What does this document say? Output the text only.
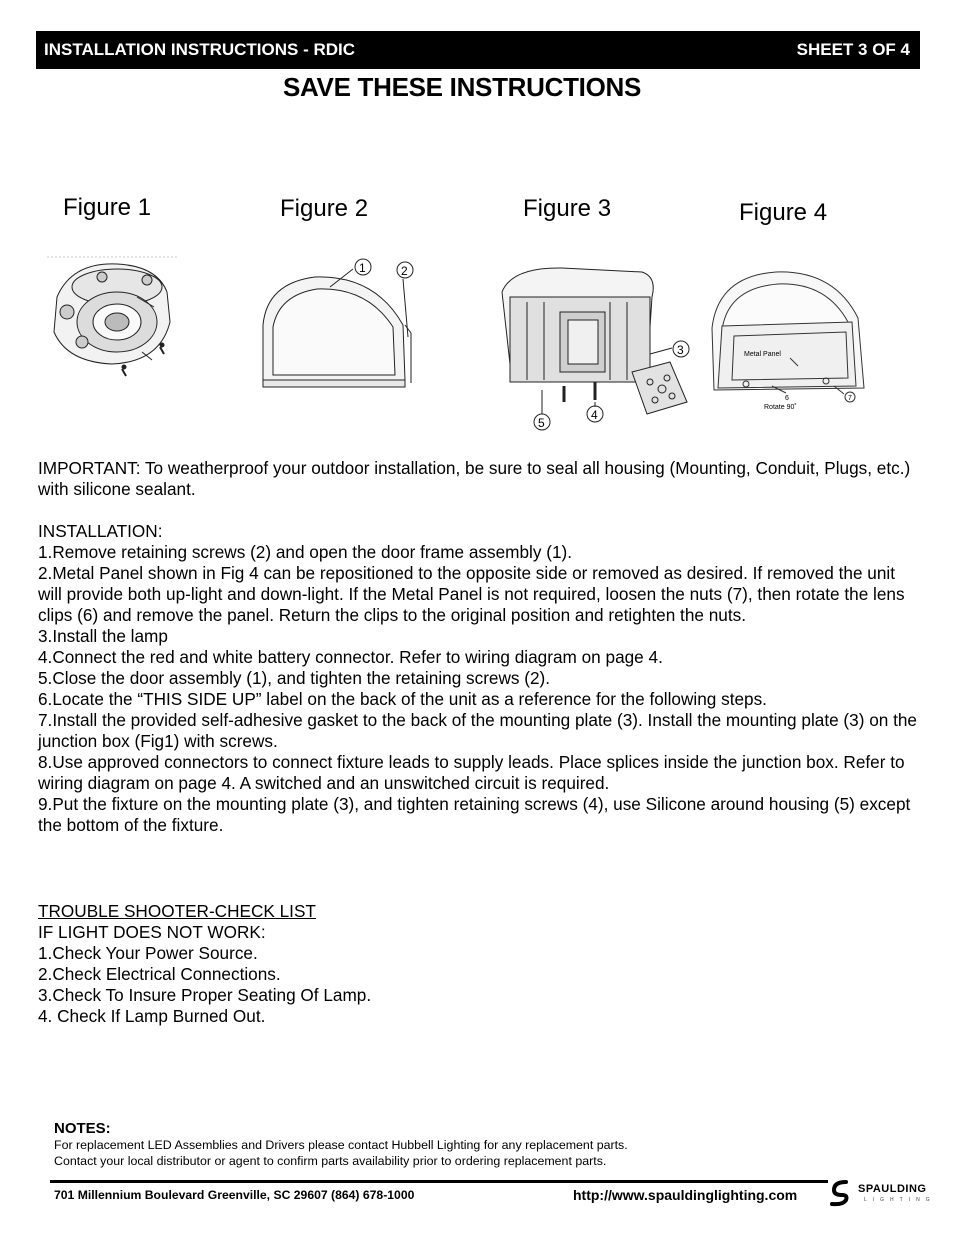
INSTALLATION INSTRUCTIONS - RDIC	SHEET 3 OF 4
SAVE THESE INSTRUCTIONS
Figure 1	Figure 2	Figure 3	Figure 4
1	2
3
4
5
Metal Panel
6
Rotate 90˚
7

IMPORTANT: To weatherproof your outdoor installation, be sure to seal all housing (Mounting, Conduit, Plugs, etc.) with silicone sealant.

INSTALLATION:

1.Remove retaining screws (2) and open the door frame assembly (1).

2.Metal Panel shown in Fig 4 can be repositioned to the opposite side or removed as desired. If removed the unit will provide both up-light and down-light. If the Metal Panel is not required, loosen the nuts (7), then rotate the lens clips (6) and remove the panel. Return the clips to the original position and retighten the nuts.

3.Install the lamp

4.Connect the red and white battery connector. Refer to wiring diagram on page 4.

5.Close the door assembly (1), and tighten the retaining screws (2).

6.Locate the “THIS SIDE UP” label on the back of the unit as a reference for the following steps.

7.Install the provided self-adhesive gasket to the back of the mounting plate (3). Install the mounting plate (3) on the junction box (Fig1) with screws.

8.Use approved connectors to connect fixture leads to supply leads. Place splices inside the junction box. Refer to wiring diagram on page 4. A switched and an unswitched circuit is required.

9.Put the fixture on the mounting plate (3), and tighten retaining screws (4), use Silicone around housing (5) except the bottom of the fixture.

TROUBLE SHOOTER-CHECK LIST

IF LIGHT DOES NOT WORK:

1.Check Your Power Source.

2.Check Electrical Connections.

3.Check To Insure Proper Seating Of Lamp.

4. Check If Lamp Burned Out.

NOTES:

For replacement LED Assemblies and Drivers please contact Hubbell Lighting for any replacement parts.

Contact your local distributor or agent to confirm parts availability prior to ordering replacement parts.

701 Millennium Boulevard Greenville, SC 29607 (864) 678-1000	http://www.spauldinglighting.com	SPAULDING
LIGHTING
